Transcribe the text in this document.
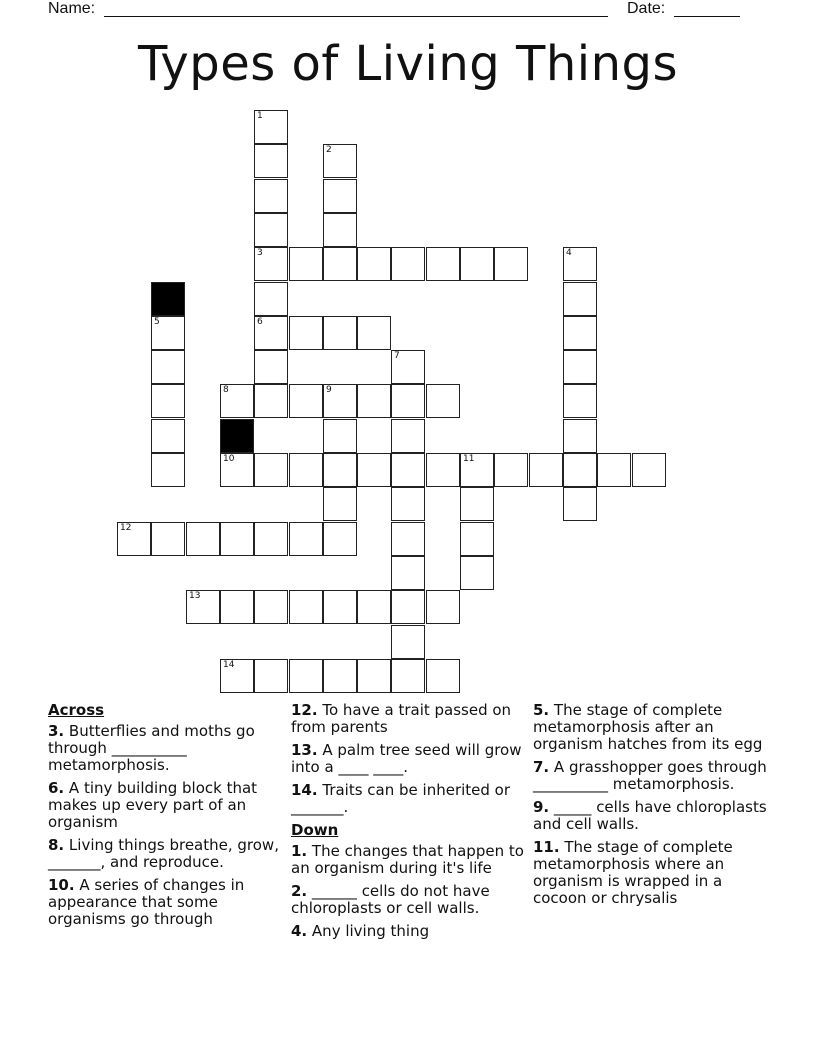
Name:	Date:
Types of Living Things
1
3
6
2
4
5
7
8	9
10	11
12
13
14
Across
3. Butterflies and moths go through __________ metamorphosis.
6. A tiny building block that makes up every part of an organism
8. Living things breathe, grow, _______, and reproduce.
10. A series of changes in appearance that some organisms go through
12. To have a trait passed on from parents
13. A palm tree seed will grow into a ____ ____.
14. Traits can be inherited or _______.
Down
1. The changes that happen to an organism during it's life
2. ______ cells do not have chloroplasts or cell walls.
4. Any living thing
5. The stage of complete metamorphosis after an organism hatches from its egg
7. A grasshopper goes through __________ metamorphosis.
9. _____ cells have chloroplasts and cell walls.
11. The stage of complete metamorphosis where an organism is wrapped in a cocoon or chrysalis
